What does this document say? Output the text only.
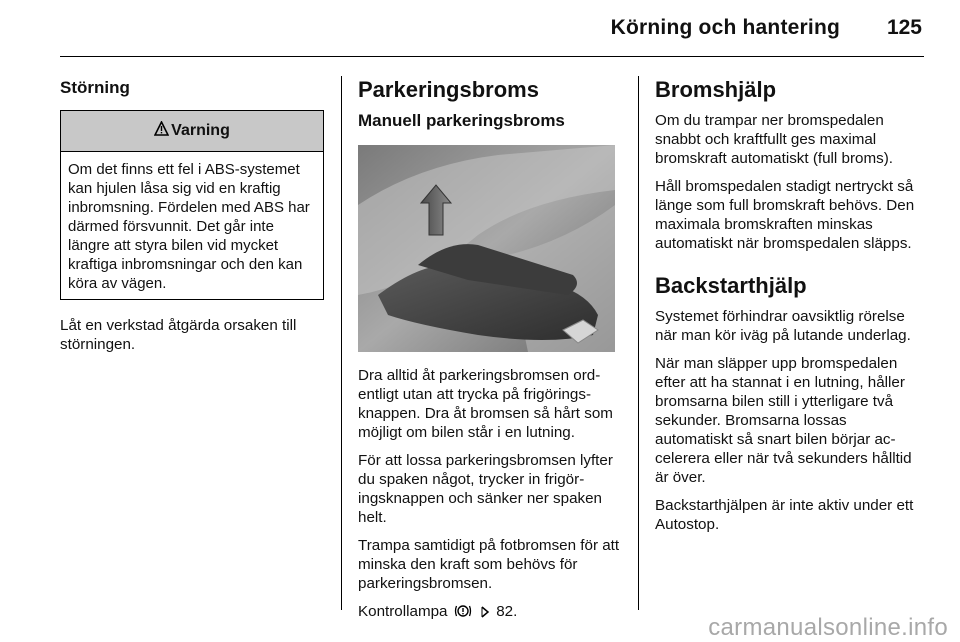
Körning och hantering 125
Störning
Varning

Om det finns ett fel i ABS-systemet kan hjulen låsa sig vid en kraftig inbromsning. Fördelen med ABS har därmed försvunnit. Det går inte längre att styra bilen vid mycket kraftiga inbromsningar och den kan köra av vägen.

Låt en verkstad åtgärda orsaken till störningen.

Parkeringsbroms
Manuell parkeringsbroms

Dra alltid åt parkeringsbromsen ordentligt utan att trycka på frigöringsknappen. Dra åt bromsen så hårt som möjligt om bilen står i en lutning.

För att lossa parkeringsbromsen lyfter du spaken något, trycker in frigöringsknappen och sänker ner spaken helt.

Trampa samtidigt på fotbromsen för att minska den kraft som behövs för parkeringsbromsen.

Kontrollampa	82.

Bromshjälp

Om du trampar ner bromspedalen snabbt och kraftfullt ges maximal bromskraft automatiskt (full broms).

Håll bromspedalen stadigt nertryckt så länge som full bromskraft behövs. Den maximala bromskraften minskas automatiskt när bromspedalen släpps.

Backstarthjälp

Systemet förhindrar oavsiktlig rörelse när man kör iväg på lutande underlag.

När man släpper upp bromspedalen efter att ha stannat i en lutning, håller bromsarna bilen still i ytterligare två sekunder. Bromsarna lossas automatiskt så snart bilen börjar accelerera eller när två sekunders hålltid är över.

Backstarthjälpen är inte aktiv under ett Autostop.

carmanualsonline.info
